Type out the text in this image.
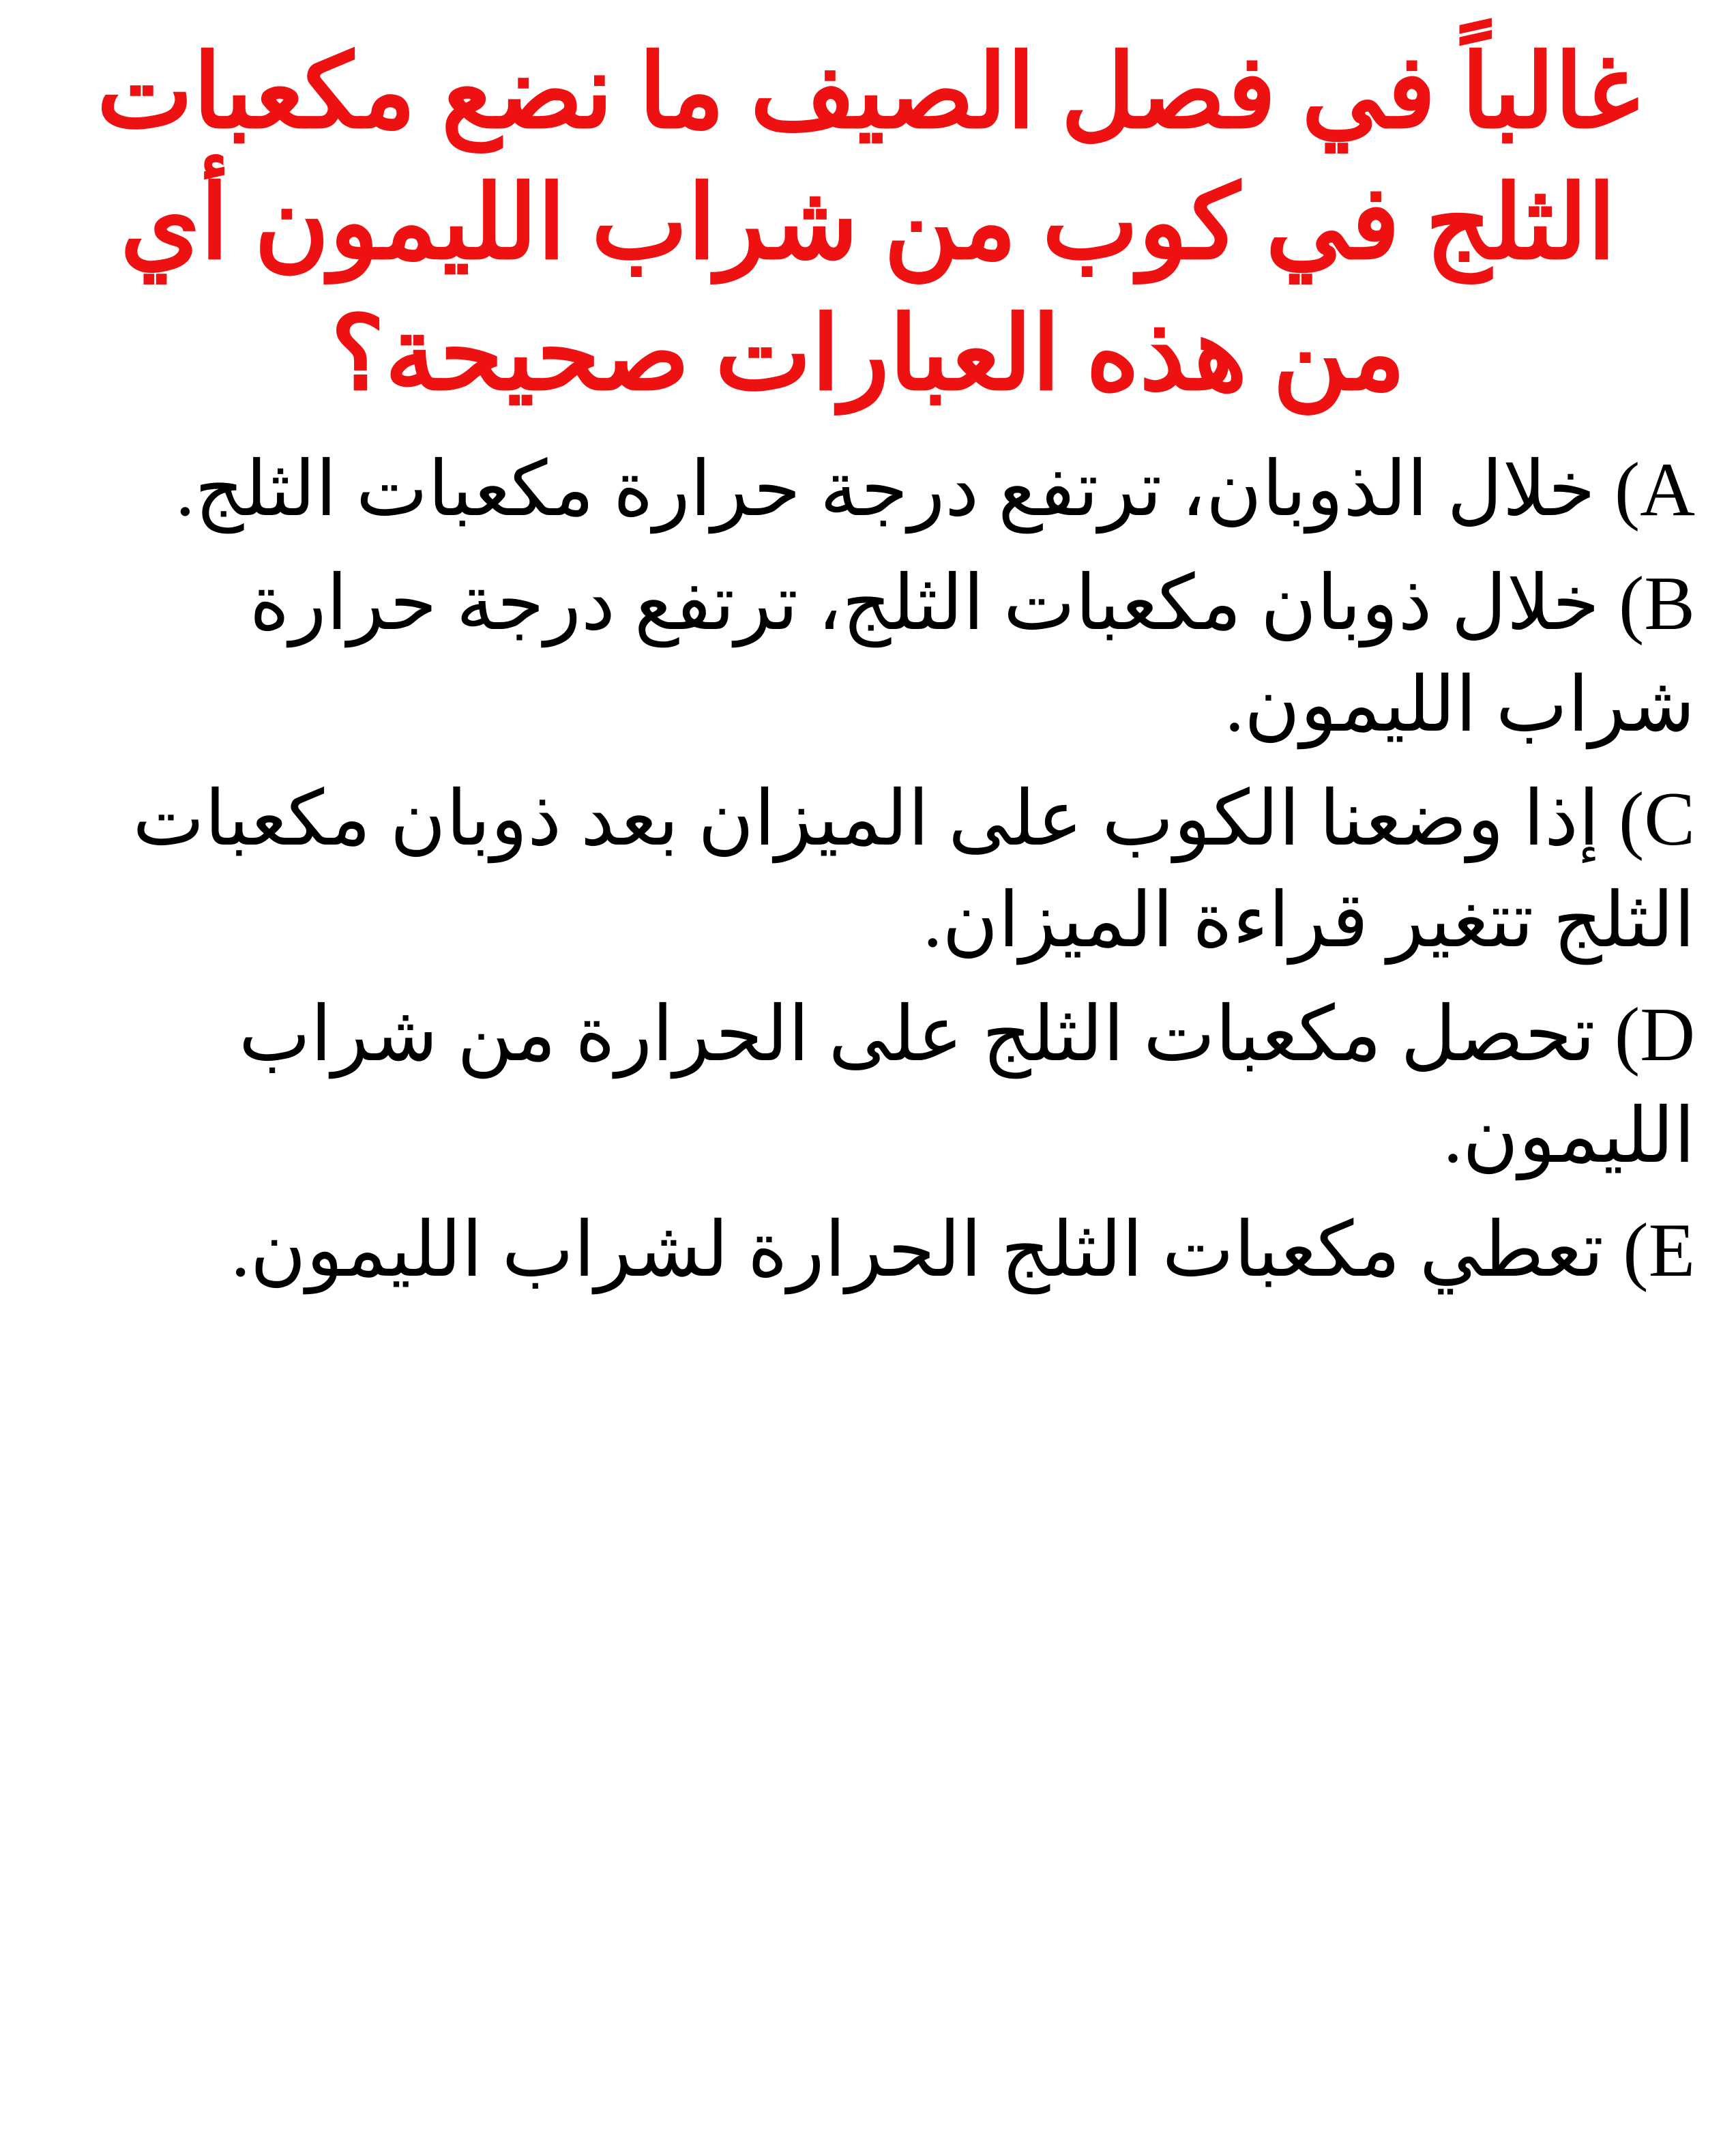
غالباً في فصل الصيف ما نضع مكعبات الثلج في كوب من شراب الليمون أي من هذه العبارات صحيحة؟
A) خلال الذوبان، ترتفع درجة حرارة مكعبات الثلج.
B) خلال ذوبان مكعبات الثلج، ترتفع درجة حرارة شراب الليمون.
C) إذا وضعنا الكوب على الميزان بعد ذوبان مكعبات الثلج تتغير قراءة الميزان.
D) تحصل مكعبات الثلج على الحرارة من شراب الليمون.
E) تعطي مكعبات الثلج الحرارة لشراب الليمون.
